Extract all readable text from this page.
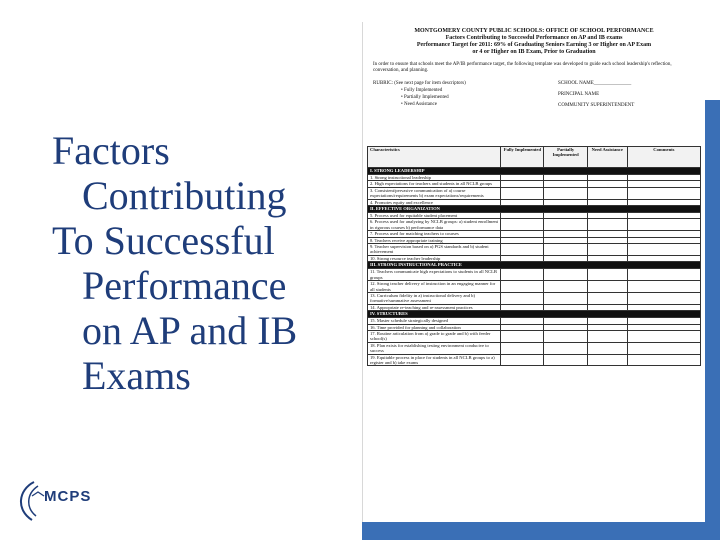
Factors
Contributing
To Successful
Performance
on AP and IB
Exams
MCPS
MONTGOMERY COUNTY PUBLIC SCHOOLS: OFFICE OF SCHOOL PERFORMANCE
Factors Contributing to Successful Performance on AP and IB exams
Performance Target for 2011: 69% of Graduating Seniors Earning 3 or Higher on AP Exam
or 4 or Higher on IB Exam, Prior to Graduation
In order to ensure that schools meet the AP/IB performance target, the following template was developed to guide each school leadership's reflection, conversation, and planning.
RUBRIC: (See next page for item descriptors)
• Fully Implemented
• Partially Implemented
• Need Assistance
SCHOOL NAME_______________
PRINCIPAL NAME
COMMUNITY SUPERINTENDENT
Characteristics	Fully Implemented	Partially Implemented	Need Assistance	Comments
I. STRONG LEADERSHIP				
1. Strong instructional leadership				
2. High expectations for teachers and students in all NCLB groups				
3. Consistent/pervasive communication of a) course expectations/requirements b) exam expectations/requirements				
4. Promotes equity and excellence				
II. EFFECTIVE ORGANIZATION				
5. Process used for equitable student placement				
6. Process used for analyzing by NCLB groups: a) student enrollment in rigorous courses b) performance data				
7. Process used for matching teachers to courses				
8. Teachers receive appropriate training				
9. Teacher supervision based on a) PGS standards and b) student achievement				
10. Strong resource teacher leadership				
III. STRONG INSTRUCTIONAL PRACTICE				
11. Teachers communicate high expectations to students in all NCLB groups				
12. Strong teacher delivery of instruction in an engaging manner for all students				
13. Curriculum fidelity in a) instructional delivery and b) formative/summative assessment				
14. Appropriate re-teaching and re-assessment practices				
IV. STRUCTURES				
15. Master schedule strategically designed				
16. Time provided for planning and collaboration				
17. Routine articulation from a) grade to grade and b) with feeder school(s)				
18. Plan exists for establishing testing environment conducive to success				
19. Equitable process in place for students in all NCLB groups to a) register and b) take exams				
